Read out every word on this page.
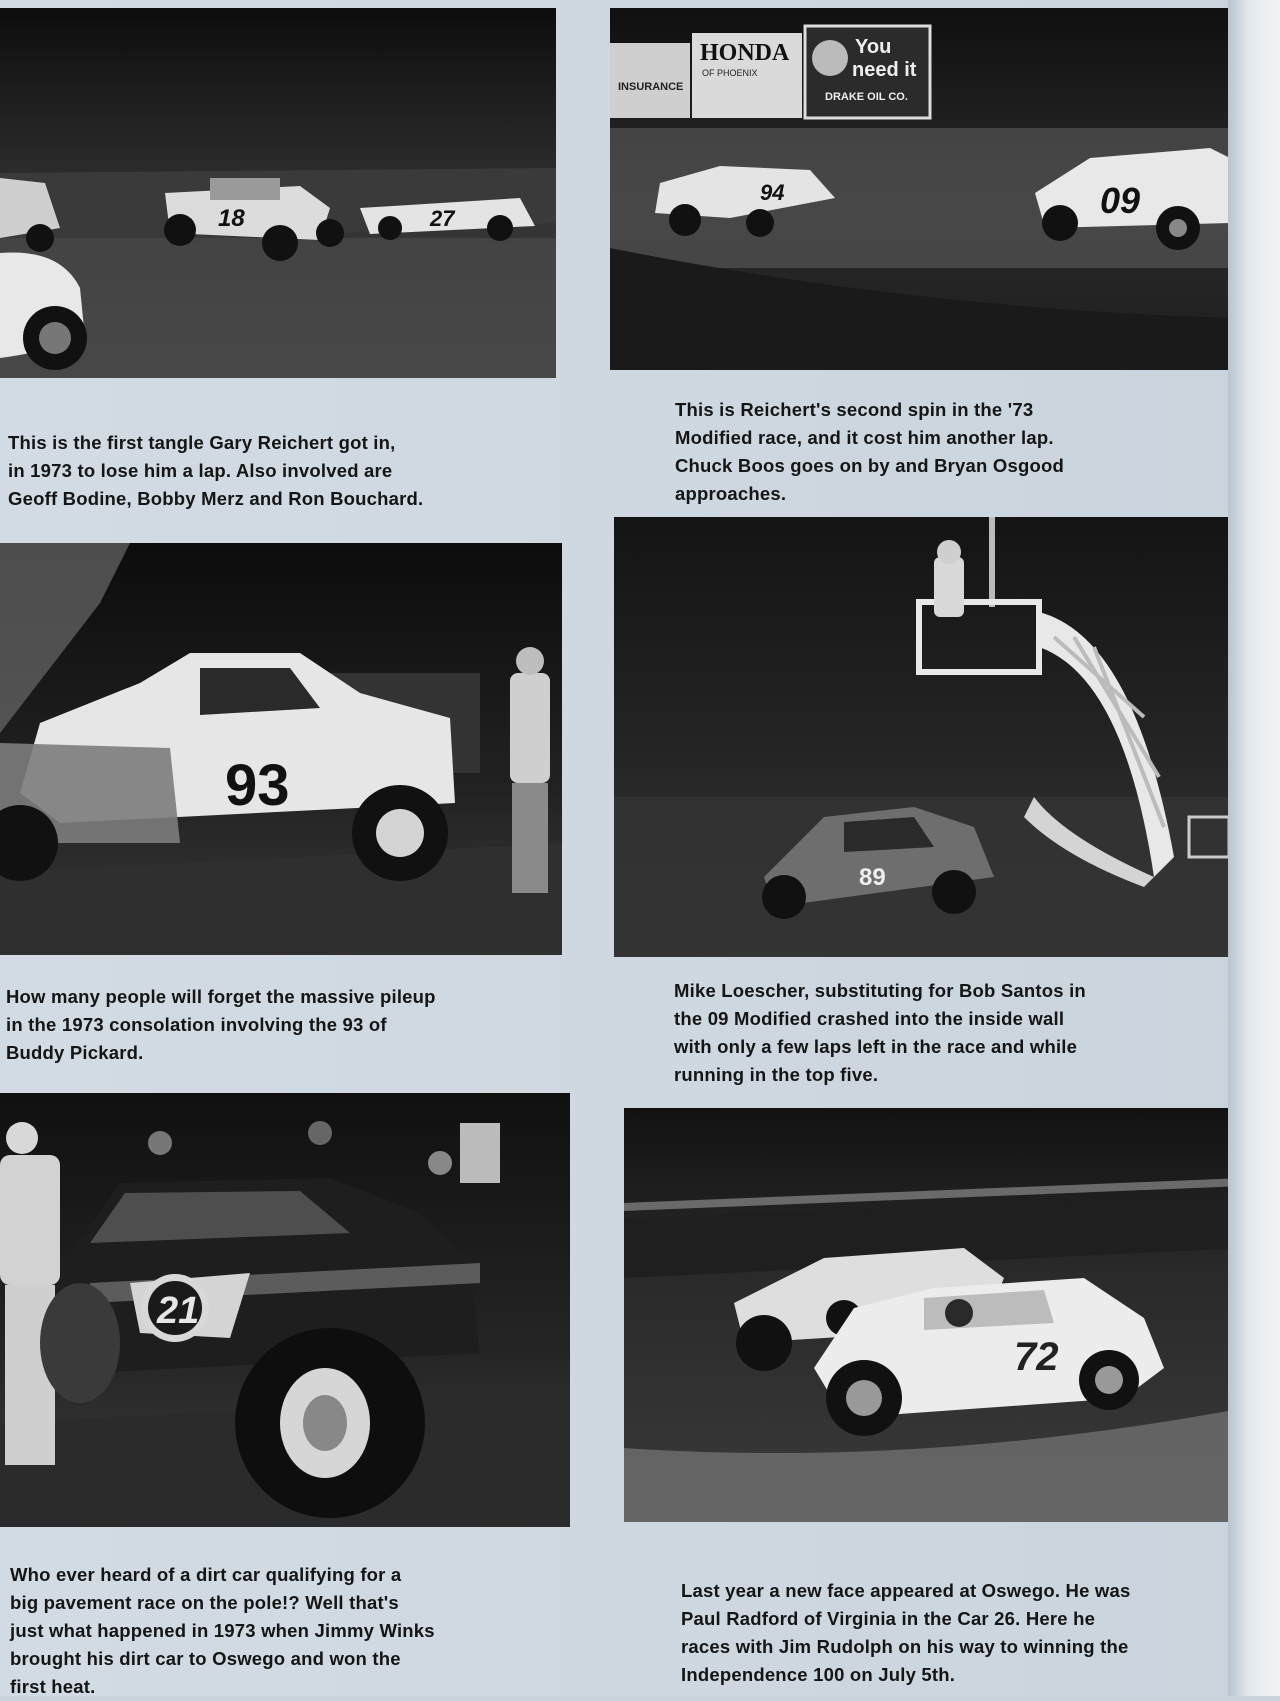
18	27
INSURANCE
HONDA
OF PHOENIX
You
need it
DRAKE OIL CO.
94	09
93
89
21
72

This is the first tangle Gary Reichert got in,
in 1973 to lose him a lap. Also involved are
Geoff Bodine, Bobby Merz and Ron Bouchard.

This is Reichert's second spin in the '73
Modified race, and it cost him another lap.
Chuck Boos goes on by and Bryan Osgood
approaches.

How many people will forget the massive pileup
in the 1973 consolation involving the 93 of
Buddy Pickard.

Mike Loescher, substituting for Bob Santos in
the 09 Modified crashed into the inside wall
with only a few laps left in the race and while
running in the top five.

Who ever heard of a dirt car qualifying for a
big pavement race on the pole!? Well that's
just what happened in 1973 when Jimmy Winks
brought his dirt car to Oswego and won the
first heat.

Last year a new face appeared at Oswego. He was
Paul Radford of Virginia in the Car 26. Here he
races with Jim Rudolph on his way to winning the
Independence 100 on July 5th.
